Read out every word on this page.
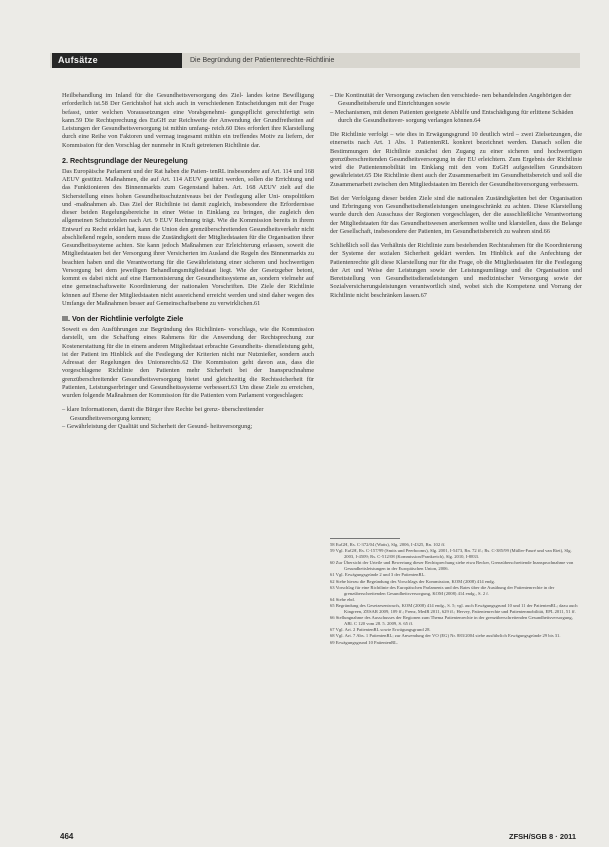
Aufsätze	Die Begründung der Patientenrechte-Richtlinie

Heilbehandlung im Inland für die Gesundheitsversorgung des Ziel- landes keine Bewilligung erforderlich ist.58 Der Gerichtshof hat sich auch in verschiedenen Entscheidungen mit der Frage befasst, unter welchen Voraussetzungen eine Vorabgenehmi- gungspflicht gerechtfertigt sein kann.59 Die Rechtsprechung des EuGH zur Reichweite der Anwendung der Grundfreiheiten auf Leistungen der Gesundheitsversorgung ist mithin umfang- reich.60 Dies erfordert ihre Klarstellung durch eine Reihe von Faktoren und vermag insgesamt mithin ein treffendes Motiv zu liefern, der Kommission für den Vorschlag der nunmehr in Kraft getretenen Richtlinie dar.

2. Rechtsgrundlage der Neuregelung

Das Europäische Parlament und der Rat haben die Patien- tenRL insbesondere auf Art. 114 und 168 AEUV gestützt. Maßnahmen, die auf Art. 114 AEUV gestützt werden, sollen die Errichtung und das Funktionieren des Binnenmarkts zum Gegenstand haben. Art. 168 AEUV zielt auf die Sicherstellung eines hohen Gesundheitsschutzniveaus bei der Festlegung aller Uni- onspolitiken und -maßnahmen ab. Das Ziel der Richtlinie ist damit zugleich, insbesondere die Erfordernisse dieser beiden Regelungsbereiche in einer Weise in Einklang zu bringen, die zugleich den allgemeinen Schutzzielen nach Art. 9 EUV Rechnung trägt. Wie die Kommission bereits in ihrem Entwurf zu Recht erklärt hat, kann die Union den grenzüberschreitenden Gesundheitsverkehr nicht abschließend regeln, sondern muss die Zuständigkeit der Mitgliedstaaten für die Organisation ihrer Gesundheitssysteme achten. Sie kann jedoch Maßnahmen zur Erleichterung erlassen, soweit die Mitgliedstaaten bei der Versorgung ihrer Versicherten im Ausland die Regeln des Binnenmarkts zu beachten haben und die Verantwortung für die Gewährleistung einer sicheren und hochwertigen Versorgung bei dem jeweiligen Behandlungsmitgliedstaat liegt. Wie der Gesetzgeber betont, kommt es dabei nicht auf eine Harmonisierung der Gesundheitssysteme an, sondern vielmehr auf eine gemeinschaftsweite Koordinierung der nationalen Vorschriften. Die Ziele der Richtlinie können auf Ebene der Mitgliedstaaten nicht ausreichend erreicht werden und sind daher wegen des Umfangs der Maßnahmen besser auf Gemeinschaftsebene zu verwirklichen.61

III. Von der Richtlinie verfolgte Ziele

Soweit es den Ausführungen zur Begründung des Richtlinien- vorschlags, wie die Kommission darstellt, um die Schaffung eines Rahmens für die Anwendung der Rechtsprechung zur Kostenerstattung für die in einem anderen Mitgliedstaat erbrachte Gesundheits- dienstleistung geht, ist der Patient im Hinblick auf die Festlegung der Kriterien nicht nur Nutznießer, sondern auch Adressat der Regelungen des Unionsrechts.62 Die Kommission geht davon aus, dass die vorgeschlagene Richtlinie den Patienten mehr Sicherheit bei der Inanspruchnahme grenzüberschreitender Gesundheitsversorgung bietet und gleichzeitig die Rechtssicherheit für Patienten, Leistungserbringer und Gesundheitssysteme verbessert.63 Um diese Ziele zu erreichen, wurden folgende Maßnahmen der Kommission für die Patienten vom Parlament vorgeschlagen:

– klare Informationen, damit die Bürger ihre Rechte bei grenz- überschreitender Gesundheitsversorgung kennen;

– Gewährleistung der Qualität und Sicherheit der Gesund- heitsversorgung;

– Die Kontinuität der Versorgung zwischen den verschiede- nen behandelnden Angehörigen der Gesundheitsberufe und Einrichtungen sowie

– Mechanismen, mit denen Patienten geeignete Abhilfe und Entschädigung für erlittene Schäden durch die Gesundheitsver- sorgung verlangen können.64

Die Richtlinie verfolgt – wie dies in Erwägungsgrund 10 deutlich wird – zwei Zielsetzungen, die einerseits nach Art. 1 Abs. 1 PatientenRL konkret bezeichnet werden. Danach sollen die Bestimmungen der Richtlinie zunächst den Zugang zu einer sicheren und hochwertigen grenzüberschreitenden Gesundheitsversorgung in der EU erleichtern. Zum Ergebnis der Richtlinie wird die Patientenmobilität im Einklang mit den vom EuGH aufgestellten Grundsätzen gewährleistet.65 Die Richtlinie dient auch der Zusammenarbeit im Gesundheitsbereich und soll die Zusammenarbeit zwischen den Mitgliedstaaten im Bereich der Gesundheitsversorgung verbessern.

Bei der Verfolgung dieser beiden Ziele sind die nationalen Zuständigkeiten bei der Organisation und Erbringung von Gesundheitsdienstleistungen uneingeschränkt zu achten. Diese Klarstellung wurde durch den Ausschuss der Regionen vorgeschlagen, der die ausschließliche Verantwortung der Mitgliedstaaten für das Gesundheitswesen anerkennen wollte und klarstellen, dass die Belange der Gesellschaft, insbesondere der Patienten, im Gesundheitsbereich zu wahren sind.66

Schließlich soll das Verhältnis der Richtlinie zum bestehenden Rechtsrahmen für die Koordinierung der Systeme der sozialen Sicherheit geklärt werden. Im Hinblick auf die Anfechtung der Patientenrechte gilt diese Klarstellung nur für die Frage, ob die Mitgliedstaaten für die Festlegung der Art und Weise der Leistungen sowie der Leistungsumfänge und die Organisation und Bereitstellung von Gesundheitsdienstleistungen und medizinischer Versorgung sowie der Sozialversicherungsleistungen verantwortlich sind, wobei sich die Kompetenz und Vorrang der Richtlinie nicht beschränken lassen.67

58 EuGH, Rs. C-372/04 (Watts), Slg. 2006, I-4325, Rn. 102 ff.

59 Vgl. EuGH, Rs. C-157/99 (Smits und Peerbooms), Slg. 2001, I-5473, Rn. 72 ff.; Rs. C-385/99 (Müller-Fauré und van Riet), Slg. 2003, I-4509; Rs. C-512/08 (Kommission/Frankreich), Slg. 2010, I-8833.

60 Zur Übersicht der Urteile und Bewertung dieser Rechtsprechung siehe etwa Becker, Grenzüberschreitende Inanspruchnahme von Gesundheitsleistungen in der Europäischen Union, 2006.

61 Vgl. Erwägungsgründe 2 und 3 der PatientenRL.

62 Siehe hierzu die Begründung des Vorschlags der Kommission, KOM (2008) 414 endg.

63 Vorschlag für eine Richtlinie des Europäischen Parlaments und des Rates über die Ausübung der Patientenrechte in der grenzüberschreitenden Gesundheitsversorgung, KOM (2008) 414 endg., S. 2 f.

64 Siehe ebd.

65 Begründung des Gesetzesentwurfs, KOM (2008) 414 endg., S. 5; vgl. auch Erwägungsgrund 10 und 11 der PatientenRL; dazu auch Kingreen, ZESAR 2009, 109 ff.; Frenz, MedR 2011, 629 ff.; Hervey, Patientenrechte und Patientenmobilität, EPL 2011, 51 ff.

66 Stellungnahme des Ausschusses der Regionen zum Thema Patientenrechte in der grenzüberschreitenden Gesundheitsversorgung, ABl. C 120 vom 28. 5. 2009, S. 65 ff.

67 Vgl. Art. 2 PatientenRL sowie Erwägungsgrund 28.

68 Vgl. Art. 7 Abs. 1 PatientenRL; zur Anwendung der VO (EG) Nr. 883/2004 siehe ausführlich Erwägungsgründe 29 bis 31.

69 Erwägungsgrund 10 PatientenRL.

464	ZFSH/SGB 8 · 2011
